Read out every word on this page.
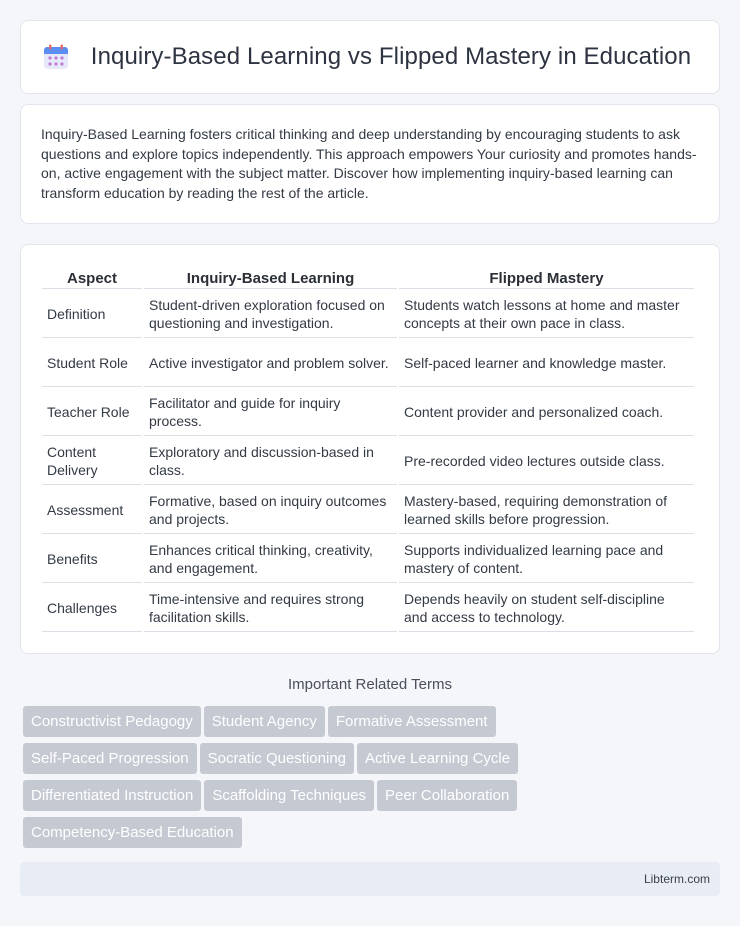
Inquiry-Based Learning vs Flipped Mastery in Education

Inquiry-Based Learning fosters critical thinking and deep understanding by encouraging students to ask questions and explore topics independently. This approach empowers Your curiosity and promotes hands-on, active engagement with the subject matter. Discover how implementing inquiry-based learning can transform education by reading the rest of the article.

Aspect	Inquiry-Based Learning	Flipped Mastery
Definition	Student-driven exploration focused on questioning and investigation.	Students watch lessons at home and master concepts at their own pace in class.
Student Role	Active investigator and problem solver.	Self-paced learner and knowledge master.
Teacher Role	Facilitator and guide for inquiry process.	Content provider and personalized coach.
Content Delivery	Exploratory and discussion-based in class.	Pre-recorded video lectures outside class.
Assessment	Formative, based on inquiry outcomes and projects.	Mastery-based, requiring demonstration of learned skills before progression.
Benefits	Enhances critical thinking, creativity, and engagement.	Supports individualized learning pace and mastery of content.
Challenges	Time-intensive and requires strong facilitation skills.	Depends heavily on student self-discipline and access to technology.
Important Related Terms
Constructivist Pedagogy Student Agency Formative Assessment
Self-Paced Progression Socratic Questioning Active Learning Cycle
Differentiated Instruction Scaffolding Techniques Peer Collaboration
Competency-Based Education
Libterm.com
